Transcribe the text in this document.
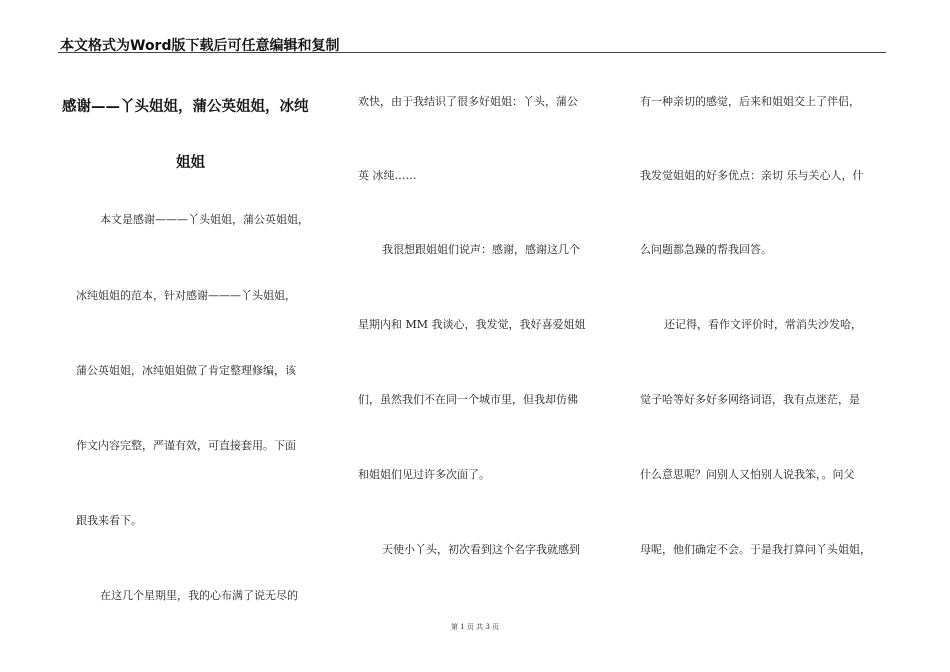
本文格式为Word版下载后可任意编辑和复制
感谢——丫头姐姐，蒲公英姐姐，冰纯
姐姐
本文是感谢———丫头姐姐，蒲公英姐姐，
冰纯姐姐的范本，针对感谢———丫头姐姐，
蒲公英姐姐，冰纯姐姐做了肯定整理修编，该
作文内容完整，严谨有效，可直接套用。下面
跟我来看下。
在这几个星期里，我的心布满了说无尽的
欢快，由于我结识了很多好姐姐：丫头，蒲公
英 冰纯……
我很想跟姐姐们说声：感谢，感谢这几个
星期内和 MM 我谈心，我发觉，我好喜爱姐姐
们，虽然我们不在同一个城市里，但我却仿佛
和姐姐们见过许多次面了。
天使小丫头，初次看到这个名字我就感到
有一种亲切的感觉，后来和姐姐交上了伴侣，
我发觉姐姐的好多优点：亲切 乐与关心人，什
么问题都急躁的帮我回答。
还记得，看作文评价时，常消失沙发哈，
觉子哈等好多好多网络词语，我有点迷茫，是
什么意思呢？问别人又怕别人说我笨，。问父
母呢，他们确定不会。于是我打算问丫头姐姐，
第 1 页 共 3 页
